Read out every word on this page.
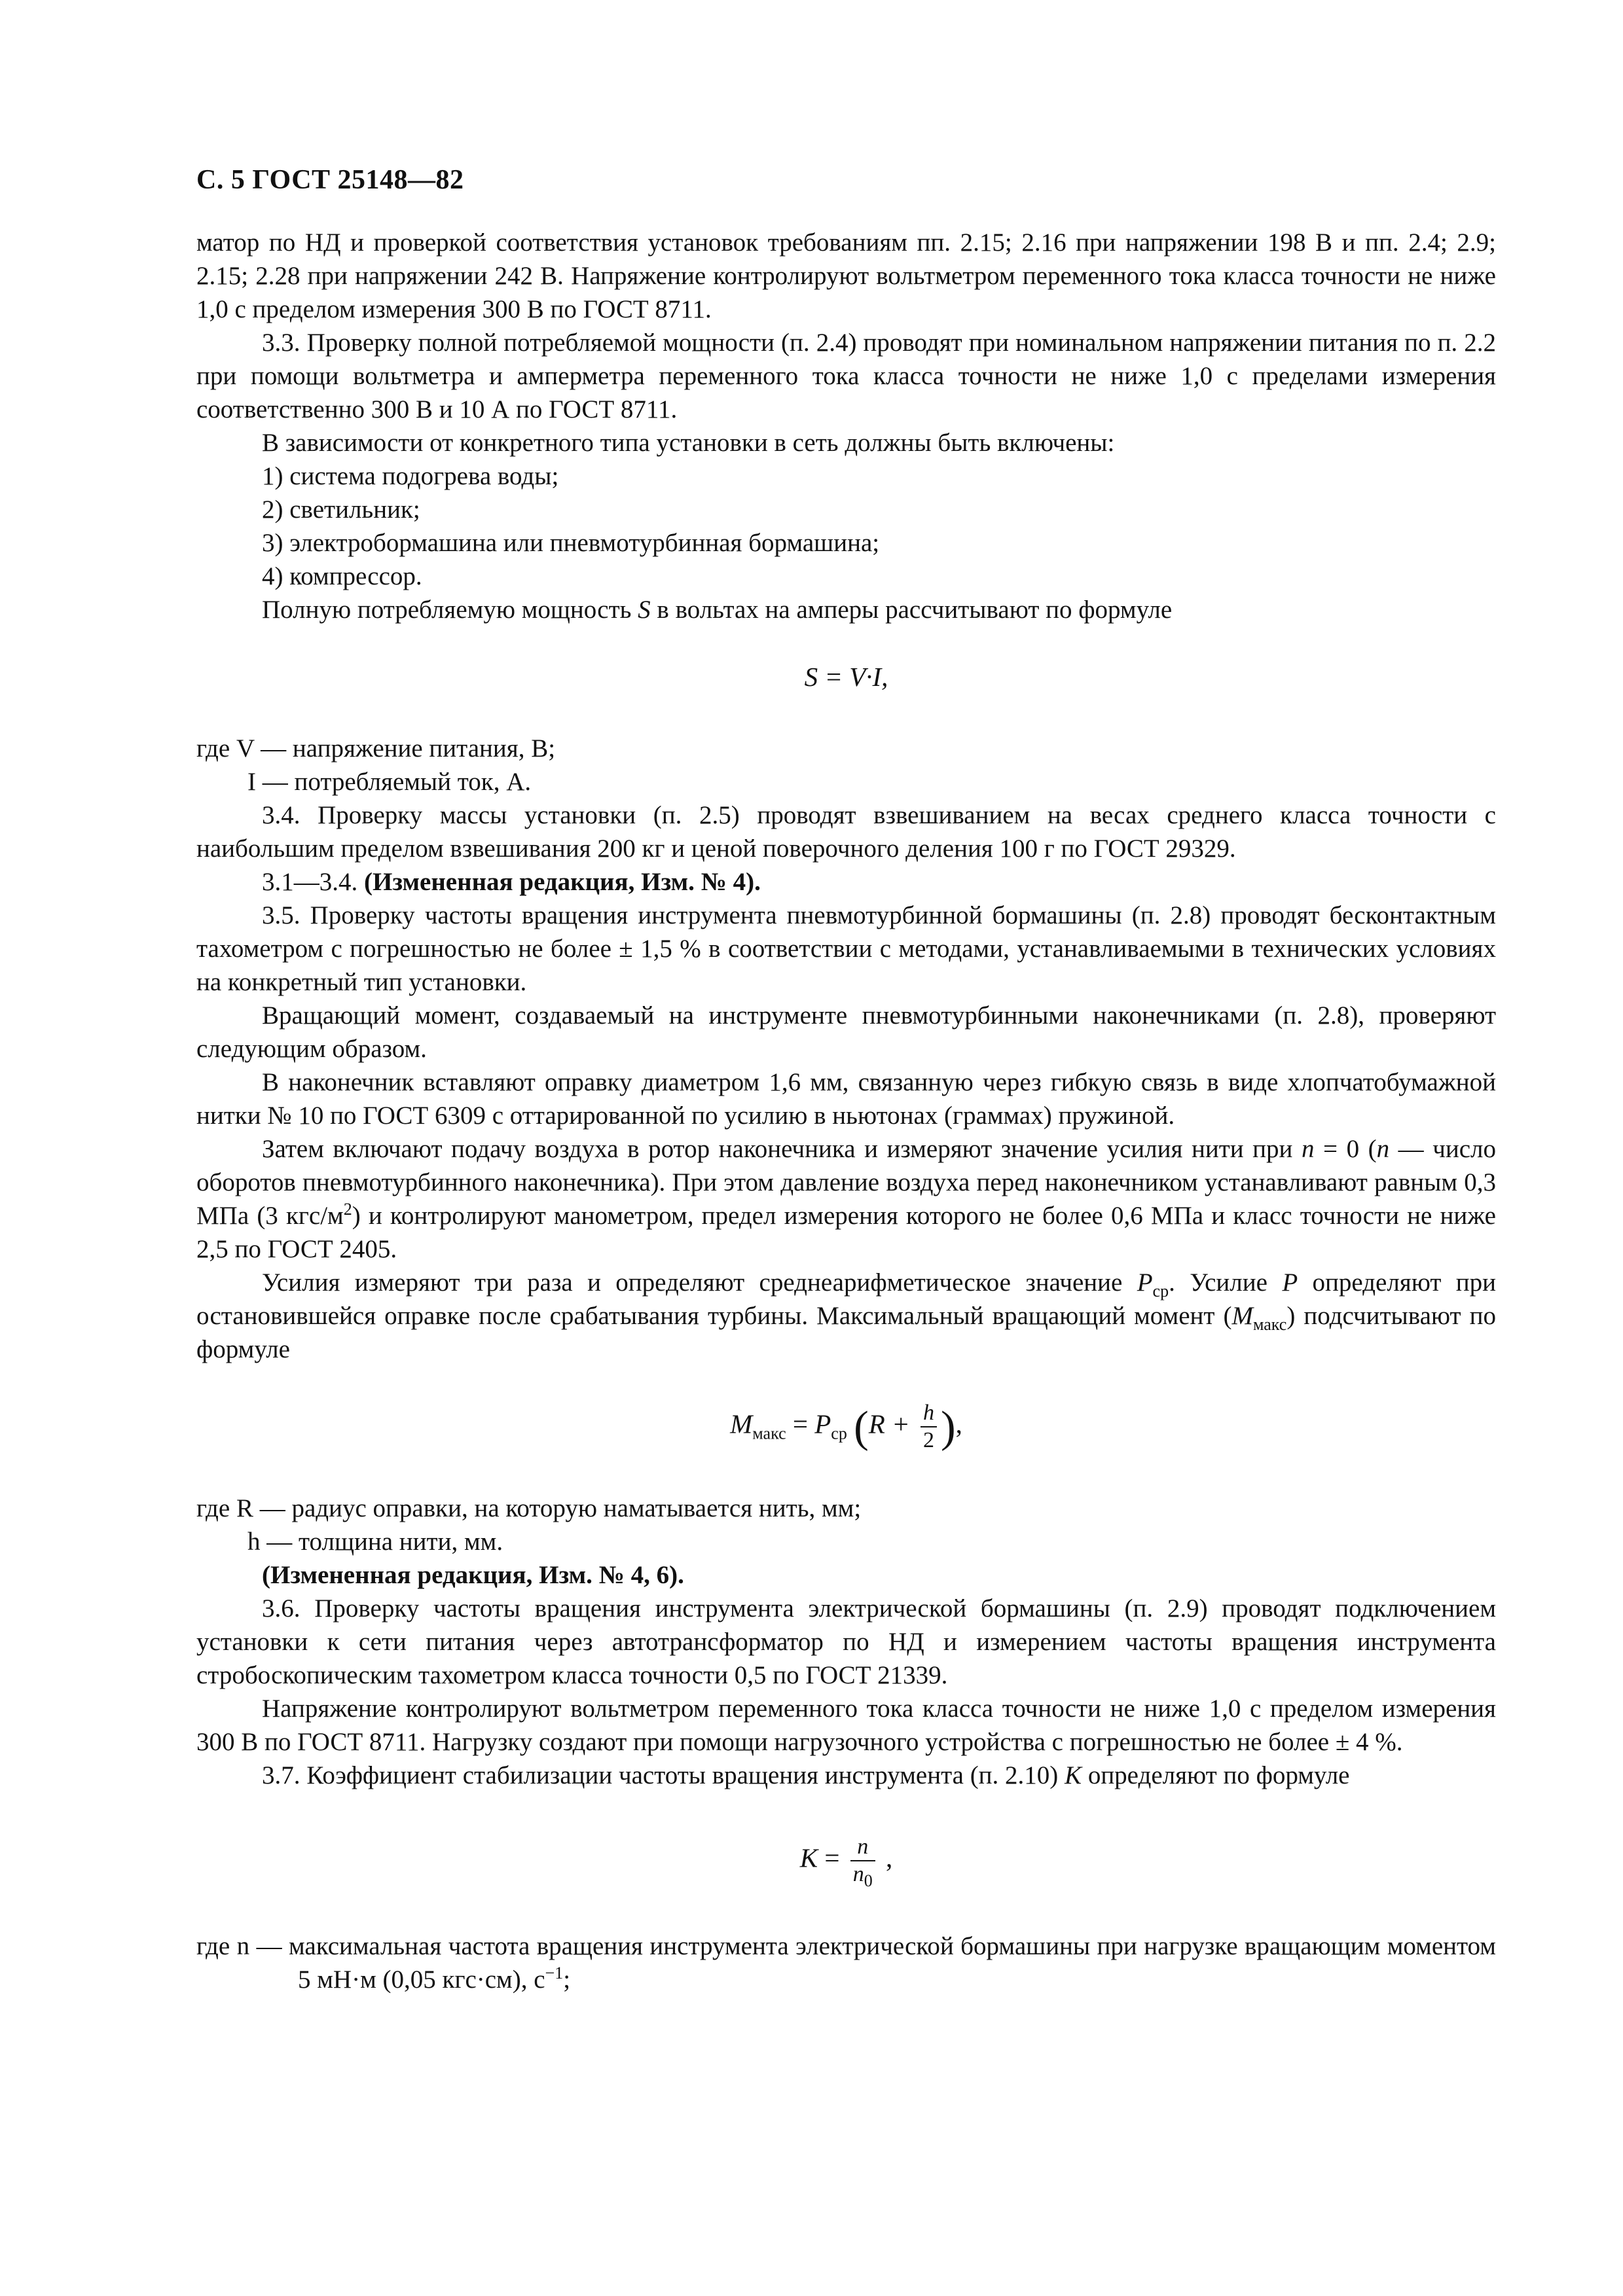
С. 5 ГОСТ 25148—82

матор по НД и проверкой соответствия установок требованиям пп. 2.15; 2.16 при напряжении 198 В и пп. 2.4; 2.9; 2.15; 2.28 при напряжении 242 В. Напряжение контролируют вольтметром переменного тока класса точности не ниже 1,0 с пределом измерения 300 В по ГОСТ 8711.

3.3. Проверку полной потребляемой мощности (п. 2.4) проводят при номинальном напряжении питания по п. 2.2 при помощи вольтметра и амперметра переменного тока класса точности не ниже 1,0 с пределами измерения соответственно 300 В и 10 А по ГОСТ 8711.

В зависимости от конкретного типа установки в сеть должны быть включены:

1) система подогрева воды;

2) светильник;

3) электробормашина или пневмотурбинная бормашина;

4) компрессор.

Полную потребляемую мощность S в вольтах на амперы рассчитывают по формуле

S = V·I,

где V — напряжение питания, В;

I — потребляемый ток, А.

3.4. Проверку массы установки (п. 2.5) проводят взвешиванием на весах среднего класса точности с наибольшим пределом взвешивания 200 кг и ценой поверочного деления 100 г по ГОСТ 29329.

3.1—3.4. (Измененная редакция, Изм. № 4).

3.5. Проверку частоты вращения инструмента пневмотурбинной бормашины (п. 2.8) проводят бесконтактным тахометром с погрешностью не более ± 1,5 % в соответствии с методами, устанавливаемыми в технических условиях на конкретный тип установки.

Вращающий момент, создаваемый на инструменте пневмотурбинными наконечниками (п. 2.8), проверяют следующим образом.

В наконечник вставляют оправку диаметром 1,6 мм, связанную через гибкую связь в виде хлопчатобумажной нитки № 10 по ГОСТ 6309 с оттарированной по усилию в ньютонах (граммах) пружиной.

Затем включают подачу воздуха в ротор наконечника и измеряют значение усилия нити при n = 0 (n — число оборотов пневмотурбинного наконечника). При этом давление воздуха перед наконечником устанавливают равным 0,3 МПа (3 кгс/$м^2$) и контролируют манометром, предел измерения которого не более 0,6 МПа и класс точности не ниже 2,5 по ГОСТ 2405.

Усилия измеряют три раза и определяют среднеарифметическое значение $P_{ср}$. Усилие P определяют при остановившейся оправке после срабатывания турбины. Максимальный вращающий момент $(M_{макс})$ подсчитывают по формуле

$M_{макс} = P_{ср}$ ($R + \frac{h}{2}$ ),

где R — радиус оправки, на которую наматывается нить, мм;

h — толщина нити, мм.

(Измененная редакция, Изм. № 4, 6).

3.6. Проверку частоты вращения инструмента электрической бормашины (п. 2.9) проводят подключением установки к сети питания через автотрансформатор по НД и измерением частоты вращения инструмента стробоскопическим тахометром класса точности 0,5 по ГОСТ 21339.

Напряжение контролируют вольтметром переменного тока класса точности не ниже 1,0 с пределом измерения 300 В по ГОСТ 8711. Нагрузку создают при помощи нагрузочного устройства с погрешностью не более ± 4 %.

3.7. Коэффициент стабилизации частоты вращения инструмента (п. 2.10) K определяют по формуле

$K = \frac{n}{n_0}$ ,

где n — максимальная частота вращения инструмента электрической бормашины при нагрузке вращающим моментом 5 мН·м (0,05 кгс·см), $с^{-1}$;
